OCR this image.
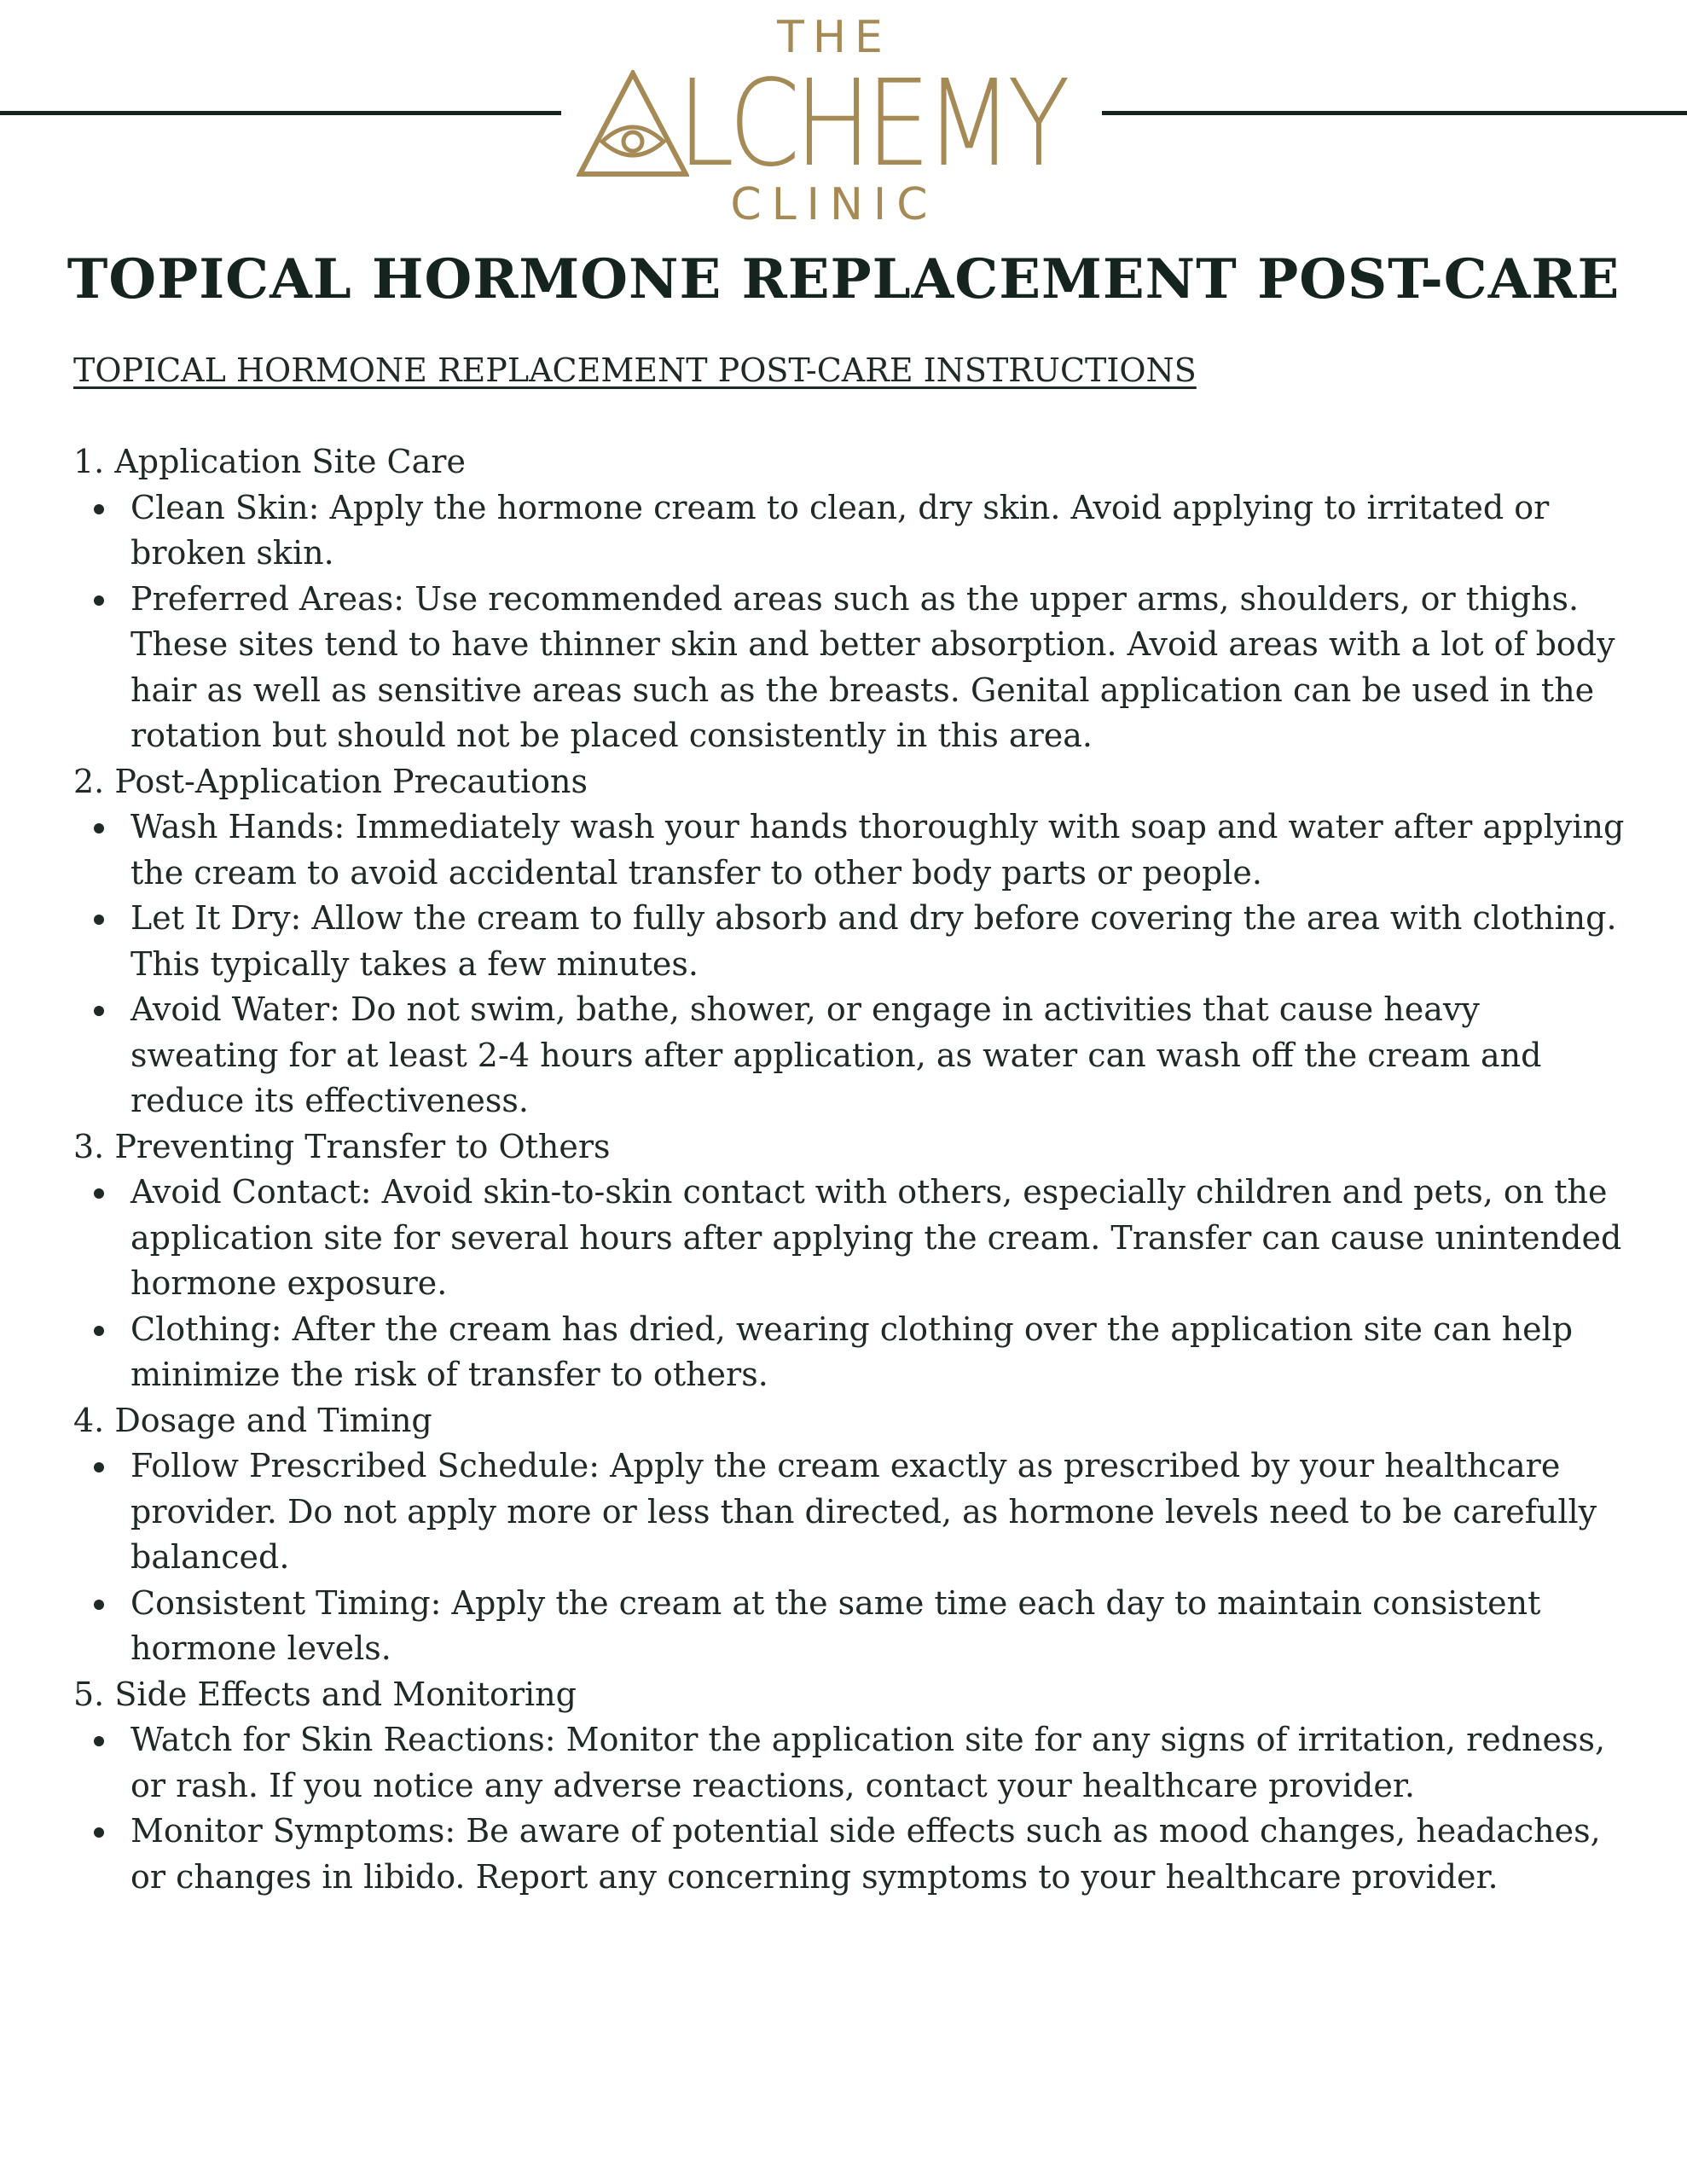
THE
LCHEMY
CLINIC
TOPICAL HORMONE REPLACEMENT POST-CARE
TOPICAL HORMONE REPLACEMENT POST-CARE INSTRUCTIONS
1. Application Site Care
Clean Skin: Apply the hormone cream to clean, dry skin. Avoid applying to irritated or broken skin.
Preferred Areas: Use recommended areas such as the upper arms, shoulders, or thighs. These sites tend to have thinner skin and better absorption. Avoid areas with a lot of body hair as well as sensitive areas such as the breasts. Genital application can be used in the rotation but should not be placed consistently in this area.
2. Post-Application Precautions
Wash Hands: Immediately wash your hands thoroughly with soap and water after applying the cream to avoid accidental transfer to other body parts or people.
Let It Dry: Allow the cream to fully absorb and dry before covering the area with clothing. This typically takes a few minutes.
Avoid Water: Do not swim, bathe, shower, or engage in activities that cause heavy sweating for at least 2-4 hours after application, as water can wash off the cream and reduce its effectiveness.
3. Preventing Transfer to Others
Avoid Contact: Avoid skin-to-skin contact with others, especially children and pets, on the application site for several hours after applying the cream. Transfer can cause unintended hormone exposure.
Clothing: After the cream has dried, wearing clothing over the application site can help minimize the risk of transfer to others.
4. Dosage and Timing
Follow Prescribed Schedule: Apply the cream exactly as prescribed by your healthcare provider. Do not apply more or less than directed, as hormone levels need to be carefully balanced.
Consistent Timing: Apply the cream at the same time each day to maintain consistent hormone levels.
5. Side Effects and Monitoring
Watch for Skin Reactions: Monitor the application site for any signs of irritation, redness, or rash. If you notice any adverse reactions, contact your healthcare provider.
Monitor Symptoms: Be aware of potential side effects such as mood changes, headaches, or changes in libido. Report any concerning symptoms to your healthcare provider.
